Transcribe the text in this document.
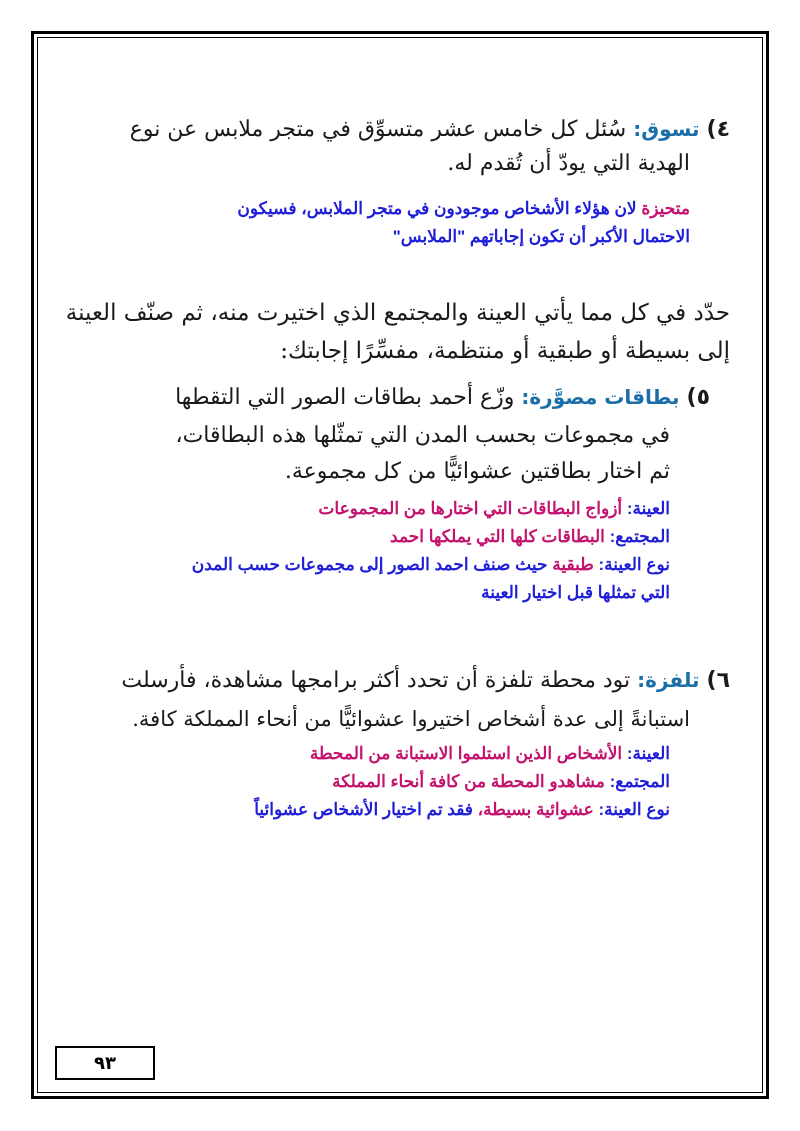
٤) تسوق: سُئل كل خامس عشر متسوِّق في متجر ملابس عن نوع
الهدية التي يودّ أن تُقدم له.
متحيزة لان هؤلاء الأشخاص موجودون في متجر الملابس، فسيكون
الاحتمال الأكبر أن تكون إجاباتهم "الملابس"
حدّد في كل مما يأتي العينة والمجتمع الذي اختيرت منه، ثم صنّف العينة
إلى بسيطة أو طبقية أو منتظمة، مفسِّرًا إجابتك:
٥) بطاقات مصوَّرة: وزّع أحمد بطاقات الصور التي التقطها
في مجموعات بحسب المدن التي تمثّلها هذه البطاقات،
ثم اختار بطاقتين عشوائيًّا من كل مجموعة.
العينة: أزواج البطاقات التي اختارها من المجموعات
المجتمع: البطاقات كلها التي يملكها احمد
نوع العينة: طبقية حيث صنف احمد الصور إلى مجموعات حسب المدن
التي تمثلها قبل اختيار العينة
٦) تلفزة: تود محطة تلفزة أن تحدد أكثر برامجها مشاهدة، فأرسلت
استبانةً إلى عدة أشخاص اختيروا عشوائيًّا من أنحاء المملكة كافة.
العينة: الأشخاص الذين استلموا الاستبانة من المحطة
المجتمع: مشاهدو المحطة من كافة أنحاء المملكة
نوع العينة: عشوائية بسيطة، فقد تم اختيار الأشخاص عشوائياً
٩٣
